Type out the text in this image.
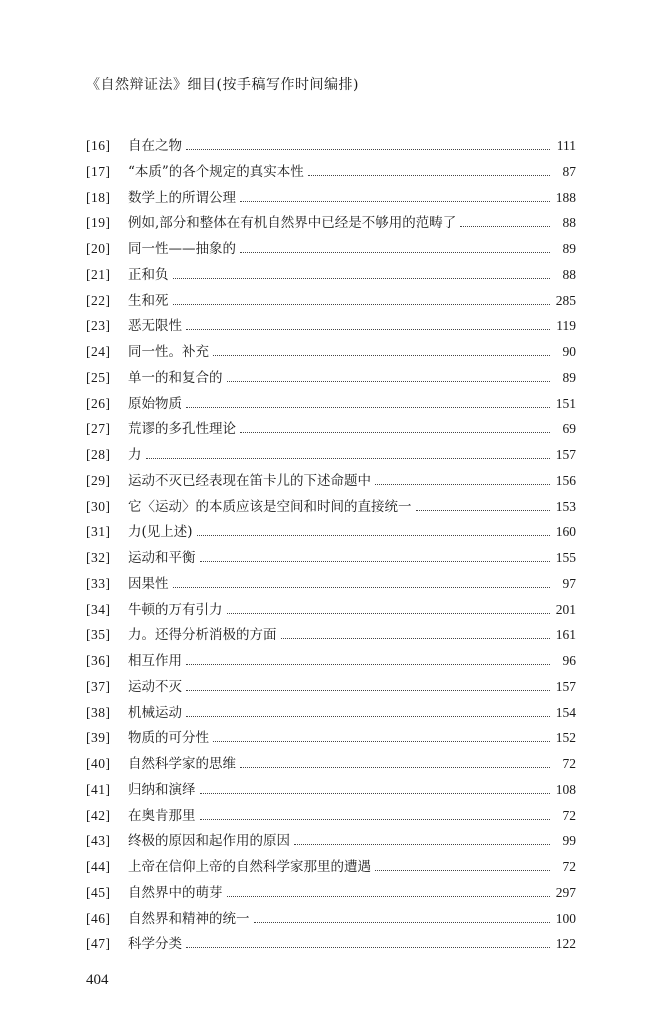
《自然辩证法》细目(按手稿写作时间编排)
[16]	自在之物	111
[17]	“本质”的各个规定的真实本性	87
[18]	数学上的所谓公理	188
[19]	例如,部分和整体在有机自然界中已经是不够用的范畴了	88
[20]	同一性——抽象的	89
[21]	正和负	88
[22]	生和死	285
[23]	恶无限性	119
[24]	同一性。补充	90
[25]	单一的和复合的	89
[26]	原始物质	151
[27]	荒谬的多孔性理论	69
[28]	力	157
[29]	运动不灭已经表现在笛卡儿的下述命题中	156
[30]	它〈运动〉的本质应该是空间和时间的直接统一	153
[31]	力(见上述)	160
[32]	运动和平衡	155
[33]	因果性	97
[34]	牛顿的万有引力	201
[35]	力。还得分析消极的方面	161
[36]	相互作用	96
[37]	运动不灭	157
[38]	机械运动	154
[39]	物质的可分性	152
[40]	自然科学家的思维	72
[41]	归纳和演绎	108
[42]	在奥肯那里	72
[43]	终极的原因和起作用的原因	99
[44]	上帝在信仰上帝的自然科学家那里的遭遇	72
[45]	自然界中的萌芽	297
[46]	自然界和精神的统一	100
[47]	科学分类	122
404
